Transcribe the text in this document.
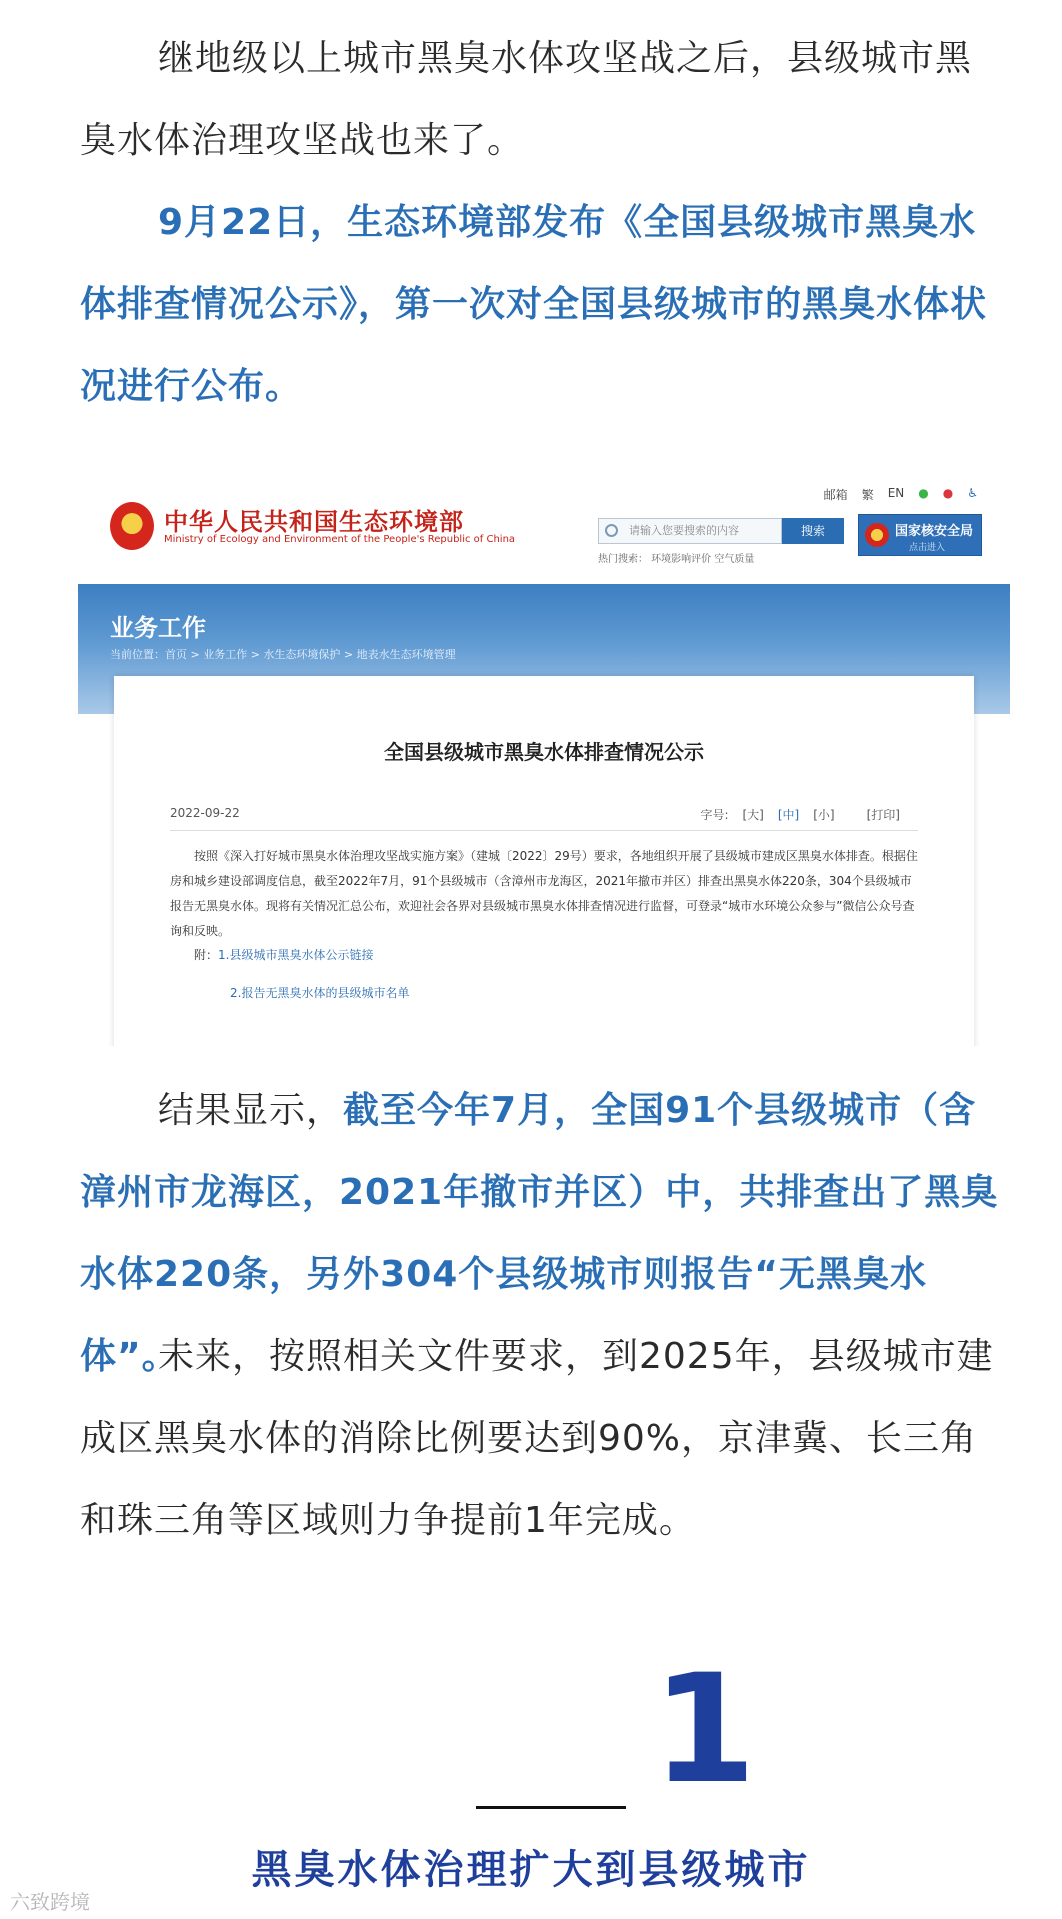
继地级以上城市黑臭水体攻坚战之后，县级城市黑臭水体治理攻坚战也来了。

9月22日，生态环境部发布《全国县级城市黑臭水体排查情况公示》，第一次对全国县级城市的黑臭水体状况进行公布。

中华人民共和国生态环境部
Ministry of Ecology and Environment of the People's Republic of China
邮箱 繁 EN ● ● ♿
请输入您要搜索的内容	搜索
热门搜索： 环境影响评价 空气质量
国家核安全局
点击进入
业务工作
当前位置：首页 > 业务工作 > 水生态环境保护 > 地表水生态环境管理
全国县级城市黑臭水体排查情况公示
2022-09-22	字号: [大] [中] [小]	[打印]
按照《深入打好城市黑臭水体治理攻坚战实施方案》（建城〔2022〕29号）要求，各地组织开展了县级城市建成区黑臭水体排查。根据住房和城乡建设部调度信息，截至2022年7月，91个县级城市（含漳州市龙海区，2021年撤市并区）排查出黑臭水体220条，304个县级城市报告无黑臭水体。现将有关情况汇总公布，欢迎社会各界对县级城市黑臭水体排查情况进行监督，可登录“城市水环境公众参与”微信公众号查询和反映。
附：1.县级城市黑臭水体公示链接
2.报告无黑臭水体的县级城市名单

结果显示，截至今年7月，全国91个县级城市（含漳州市龙海区，2021年撤市并区）中，共排查出了黑臭水体220条，另外304个县级城市则报告“无黑臭水体”。

未来，按照相关文件要求，到2025年，县级城市建成区黑臭水体的消除比例要达到90%，京津冀、长三角和珠三角等区域则力争提前1年完成。

1
黑臭水体治理扩大到县级城市
六致跨境
